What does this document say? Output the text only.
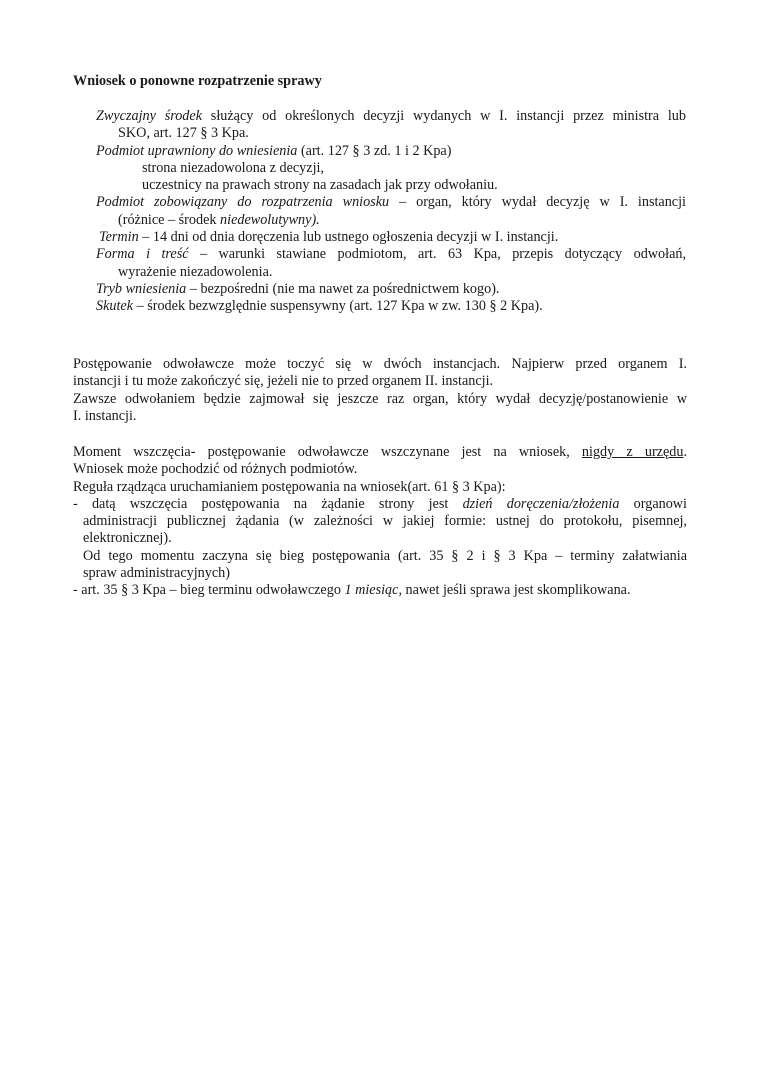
Wniosek o ponowne rozpatrzenie sprawy
Zwyczajny środek służący od określonych decyzji wydanych w I. instancji przez ministra lub
SKO, art. 127 § 3 Kpa.
Podmiot uprawniony do wniesienia (art. 127 § 3 zd. 1 i 2 Kpa)
strona niezadowolona z decyzji,
uczestnicy na prawach strony na zasadach jak przy odwołaniu.
Podmiot zobowiązany do rozpatrzenia wniosku – organ, który wydał decyzję w I. instancji
(różnice – środek niedewolutywny).
Termin – 14 dni od dnia doręczenia lub ustnego ogłoszenia decyzji w I. instancji.
Forma i treść – warunki stawiane podmiotom, art. 63 Kpa, przepis dotyczący odwołań,
wyrażenie niezadowolenia.
Tryb wniesienia – bezpośredni (nie ma nawet za pośrednictwem kogo).
Skutek – środek bezwzględnie suspensywny (art. 127 Kpa w zw. 130 § 2 Kpa).
Postępowanie odwoławcze może toczyć się w dwóch instancjach. Najpierw przed organem I.
instancji i tu może zakończyć się, jeżeli nie to przed organem II. instancji.
Zawsze odwołaniem będzie zajmował się jeszcze raz organ, który wydał decyzję/postanowienie w
I. instancji.
Moment wszczęcia- postępowanie odwoławcze wszczynane jest na wniosek, nigdy z urzędu.
Wniosek może pochodzić od różnych podmiotów.
Reguła rządząca uruchamianiem postępowania na wniosek(art. 61 § 3 Kpa):
- datą wszczęcia postępowania na żądanie strony jest dzień doręczenia/złożenia organowi
administracji publicznej żądania (w zależności w jakiej formie: ustnej do protokołu, pisemnej,
elektronicznej).
Od tego momentu zaczyna się bieg postępowania (art. 35 § 2 i § 3 Kpa – terminy załatwiania
spraw administracyjnych)
- art. 35 § 3 Kpa – bieg terminu odwoławczego 1 miesiąc, nawet jeśli sprawa jest skomplikowana.
